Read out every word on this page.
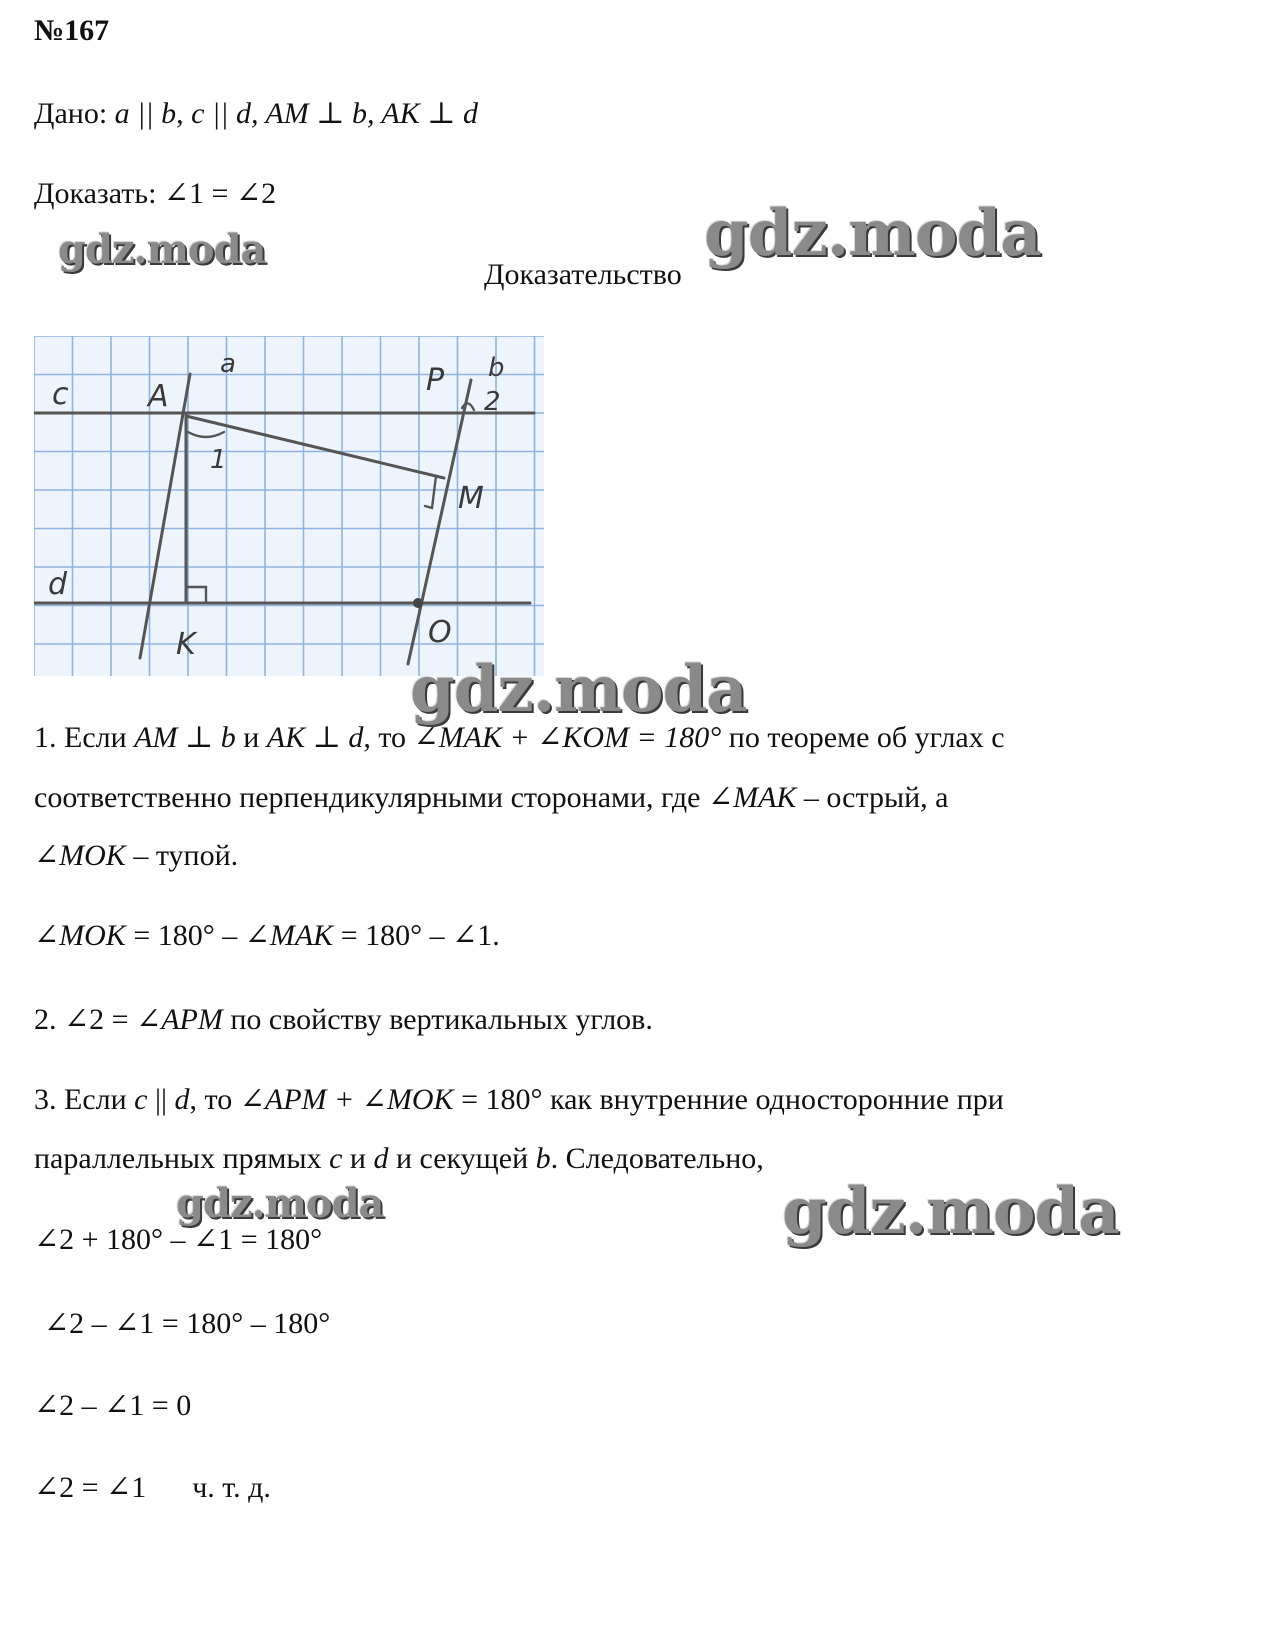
№167
Дано: a || b, c || d, AM ⊥ b, AK ⊥ d
Доказать: ∠1 = ∠2
Доказательство
c	A
a	P b
2
1
M
d
K	O
1. Если AM ⊥ b и AK ⊥ d, то ∠MAK + ∠KOM = 180° по теореме об углах с
соответственно перпендикулярными сторонами, где ∠MAK – острый, а
∠MOK – тупой.
∠MOK = 180° – ∠MAK = 180° – ∠1.
2. ∠2 = ∠APM по свойству вертикальных углов.
3. Если c || d, то ∠APM + ∠MOK = 180° как внутренние односторонние при
параллельных прямых c и d и секущей b. Следовательно,
∠2 + 180° – ∠1 = 180°
∠2 – ∠1 = 180° – 180°
∠2 – ∠1 = 0
∠2 = ∠1 ч. т. д.
gdz.moda	gdz.moda
gdz.moda
gdz.moda	gdz.moda
